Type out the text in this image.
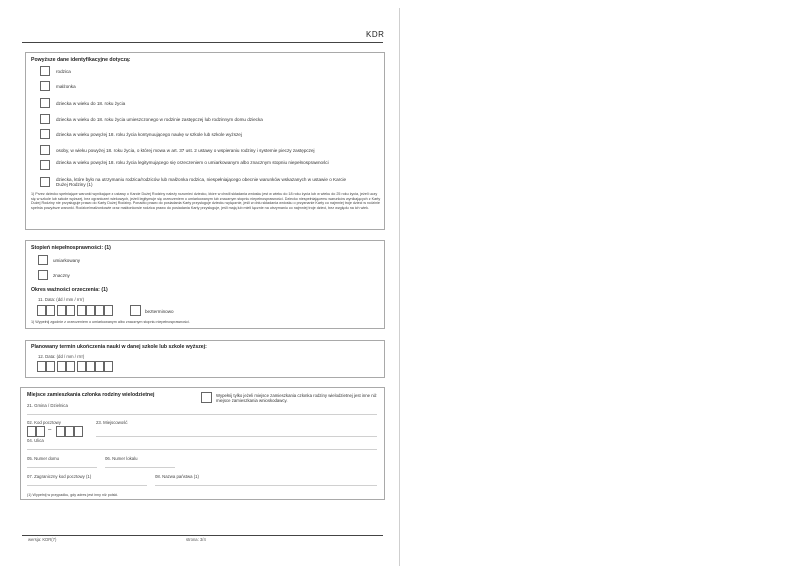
KDR
Powyższe dane identyfikacyjne dotyczą:
rodzica
małżonka
dziecka w wieku do 18. roku życia
dziecka w wieku do 18. roku życia umieszczonego w rodzinie zastępczej lub rodzinnym domu dziecka
dziecka w wieku powyżej 18. roku życia kontynuującego naukę w szkole lub szkole wyższej
osoby, w wieku powyżej 18. roku życia, o której mowa w art. 37 ust. 2 ustawy o wspieraniu rodziny i systemie pieczy zastępczej
dziecka w wieku powyżej 18. roku życia legitymującego się orzeczeniem o umiarkowanym albo znacznym stopniu niepełnosprawności
dziecka, które było na utrzymaniu rodzica/rodziców lub małżonka rodzica, niespełniającego obecnie warunków wskazanych w ustawie o Karcie Dużej Rodziny (1)
1) Przez dziecko spełniające warunki wynikające z ustawy o Karcie Dużej Rodziny należy rozumieć dziecko, które w chwili składania wniosku jest w wieku do 18 roku życia lub w wieku do 25 roku życia, jeżeli uczy się w szkole lub szkole wyższej, bez ograniczeń wiekowych, jeżeli legitymuje się orzeczeniem o umiarkowanym lub znacznym stopniu niepełnosprawności. Dziecko niespełniającemu warunków wynikających z Karty Dużej Rodziny nie przysługuje prawo do Karty Dużej Rodziny. Ponadto prawo do posiadania Karty przysługuje dziecku wyłącznie, jeśli w dniu składania wniosku o przyznanie Karty co najmniej troje dzieci w rodzinie spełnia powyższe warunki. Rodzice/małżonkowie oraz małżonkowie rodzica prawo do posiadania Karty przysługuje, jeśli mają lub mieli łącznie na utrzymaniu co najmniej troje dzieci, bez względu na ich wiek.
Stopień niepełnosprawności: (1)
umiarkowany
znaczny
Okres ważności orzeczenia: (1)
11. Data: (dd / mm / rrrr)
bezterminowo
1) Wypełnij zgodnie z orzeczeniem o umiarkowanym albo znacznym stopniu niepełnosprawności.
Planowany termin ukończenia nauki w danej szkole lub szkole wyższej:
12. Data: (dd / mm / rrrr)
Miejsce zamieszkania członka rodziny wielodzietnej	Wypełnij tylko jeżeli miejsce zamieszkania członka rodziny wielodzietnej jest inne niż miejsce zamieszkania wnioskodawcy.
21. Gmina / Dzielnica
02. Kod pocztowy
–
23. Miejscowość
04. Ulica
05. Numer domu	06. Numer lokalu
07. Zagraniczny kod pocztowy (1)	08. Nazwa państwa (1)
(1) Wypełnij w przypadku, gdy adres jest inny niż polski.
wersja: KDR(7)	strona: 3/4
